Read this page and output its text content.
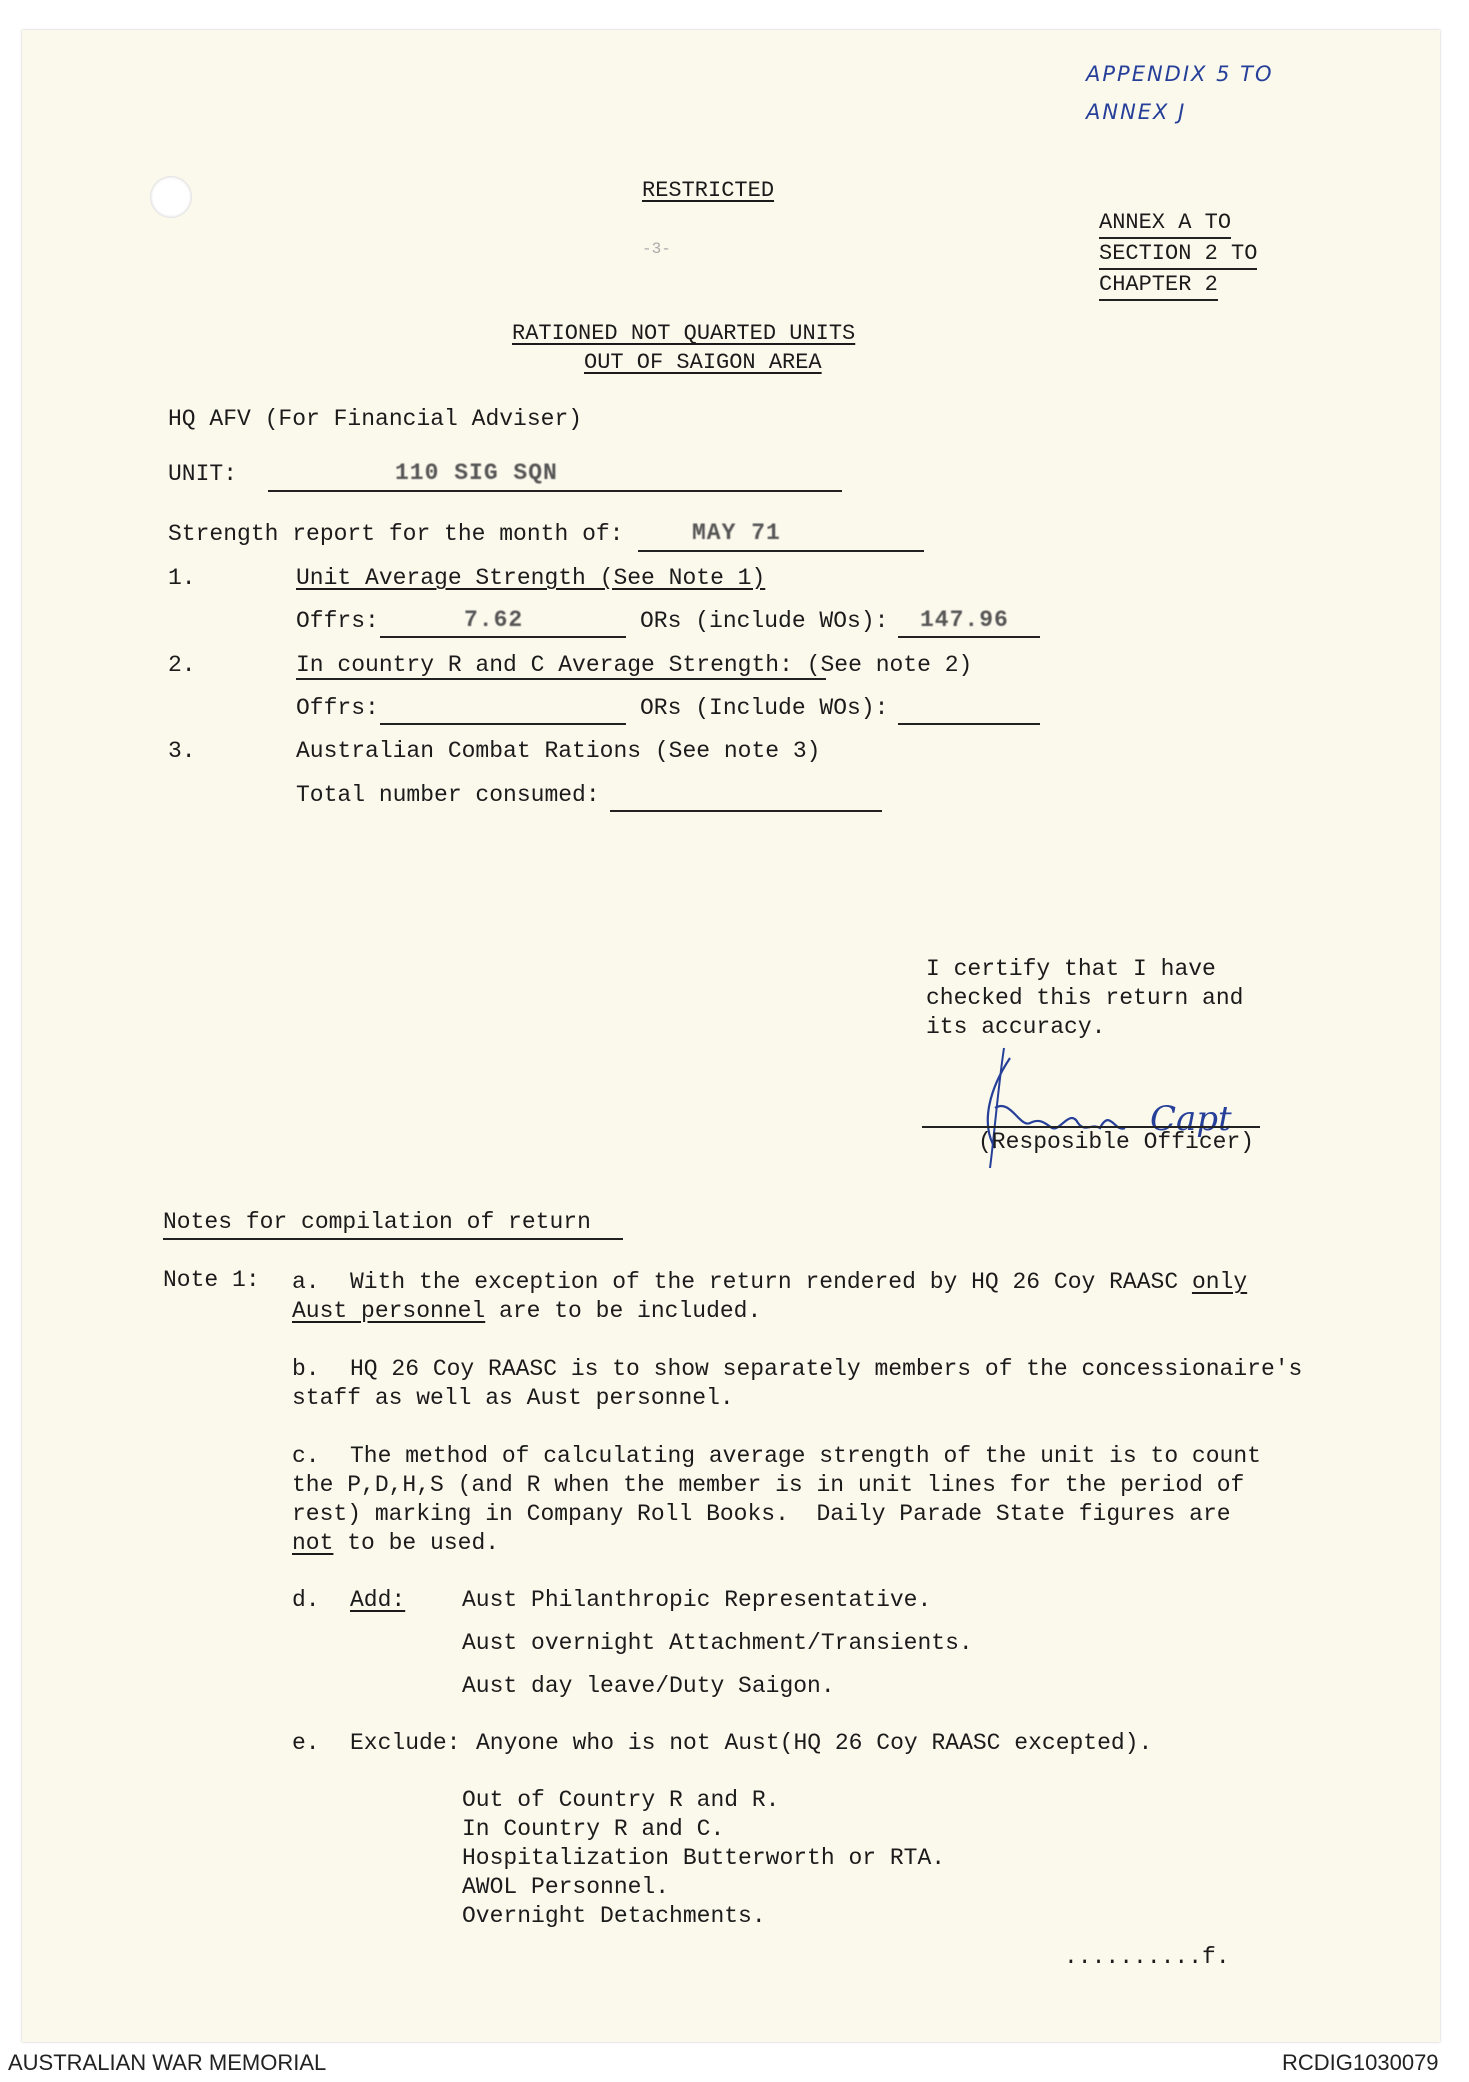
APPENDIX 5 TO
ANNEX J
RESTRICTED
-3-
ANNEX A TO
SECTION 2 TO
CHAPTER 2
RATIONED NOT QUARTED UNITS
OUT OF SAIGON AREA
HQ AFV (For Financial Adviser)
UNIT:	110 SIG SQN
Strength report for the month of:	MAY 71
1.	Unit Average Strength (See Note 1)
Offrs:	7.62	ORs (include WOs): 147.96
2.	In country R and C Average Strength: (See note 2)
Offrs:	ORs (Include WOs):
3.	Australian Combat Rations (See note 3)
Total number consumed:
I certify that I have
checked this return and
its accuracy.
Capt
(Resposible Officer)
Notes for compilation of return
Note 1: a. With the exception of the return rendered by HQ 26 Coy RAASC only
Aust personnel are to be included.
b. HQ 26 Coy RAASC is to show separately members of the concessionaire's
staff as well as Aust personnel.
c. The method of calculating average strength of the unit is to count
the P,D,H,S (and R when the member is in unit lines for the period of
rest) marking in Company Roll Books.  Daily Parade State figures are
not to be used.
d. Add: Aust Philanthropic Representative.
Aust overnight Attachment/Transients.
Aust day leave/Duty Saigon.
e. Exclude: Anyone who is not Aust(HQ 26 Coy RAASC excepted).
Out of Country R and R.
In Country R and C.
Hospitalization Butterworth or RTA.
AWOL Personnel.
Overnight Detachments.
..........f.
AUSTRALIAN WAR MEMORIAL	RCDIG1030079
